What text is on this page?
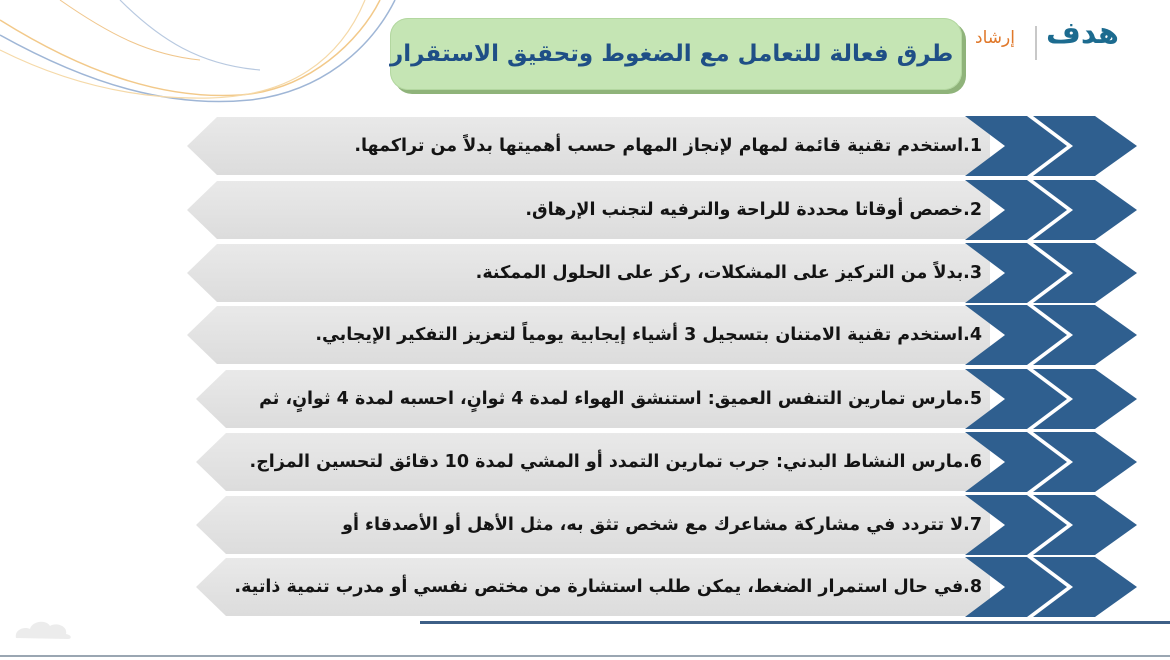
طرق فعالة للتعامل مع الضغوط وتحقيق الاستقرار
إرشاد هدف
1.استخدم تقنية قائمة لمهام لإنجاز المهام حسب أهميتها بدلاً من تراكمها.
2.خصص أوقاتا محددة للراحة والترفيه لتجنب الإرهاق.
3.بدلاً من التركيز على المشكلات، ركز على الحلول الممكنة.
4.استخدم تقنية الامتنان بتسجيل 3 أشياء إيجابية يومياً لتعزيز التفكير الإيجابي.
5.مارس تمارين التنفس العميق: استنشق الهواء لمدة 4 ثوانٍ، احسبه لمدة 4 ثوانٍ، ثم
6.مارس النشاط البدني: جرب تمارين التمدد أو المشي لمدة 10 دقائق لتحسين المزاج.
7.لا تتردد في مشاركة مشاعرك مع شخص تثق به، مثل الأهل أو الأصدقاء أو
8.في حال استمرار الضغط، يمكن طلب استشارة من مختص نفسي أو مدرب تنمية ذاتية.
